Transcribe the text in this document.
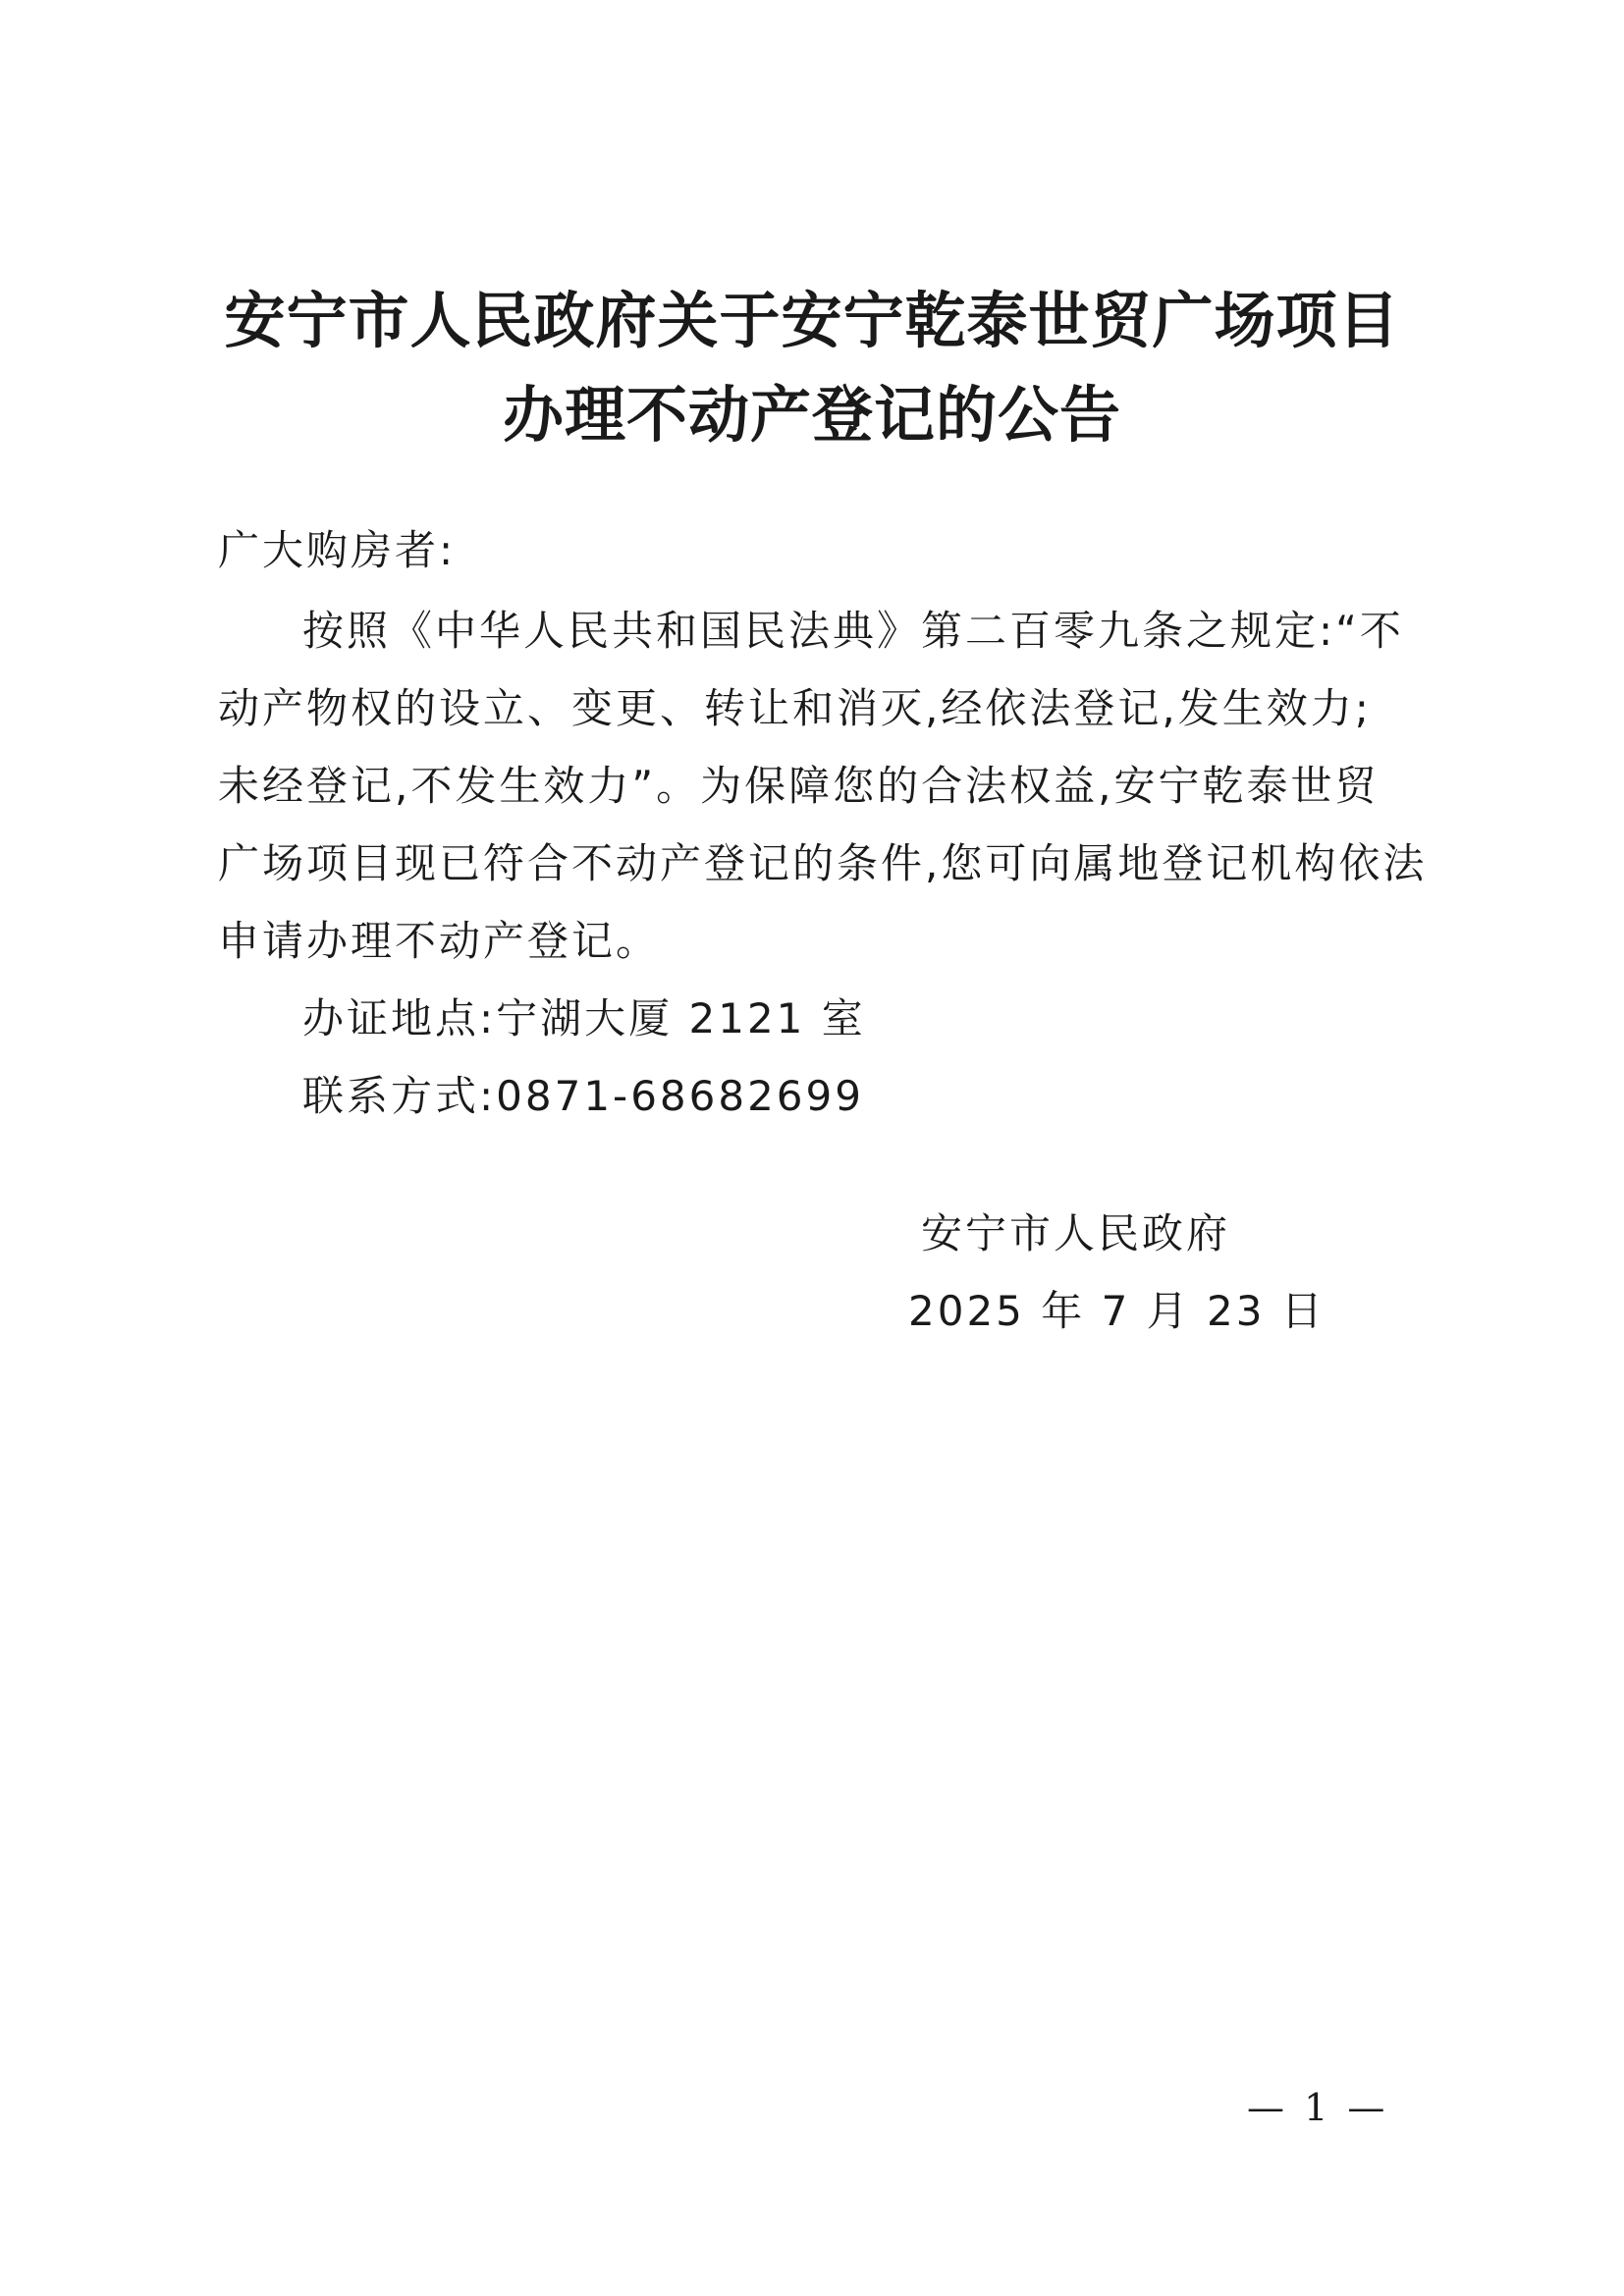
安宁市人民政府关于安宁乾泰世贸广场项目
办理不动产登记的公告
广大购房者:
按照《中华人民共和国民法典》第二百零九条之规定:“不
动产物权的设立、变更、转让和消灭,经依法登记,发生效力;
未经登记,不发生效力”。为保障您的合法权益,安宁乾泰世贸
广场项目现已符合不动产登记的条件,您可向属地登记机构依法
申请办理不动产登记。
办证地点:宁湖大厦 2121 室
联系方式:0871-68682699
安宁市人民政府
2025 年 7 月 23 日
— 1 —
